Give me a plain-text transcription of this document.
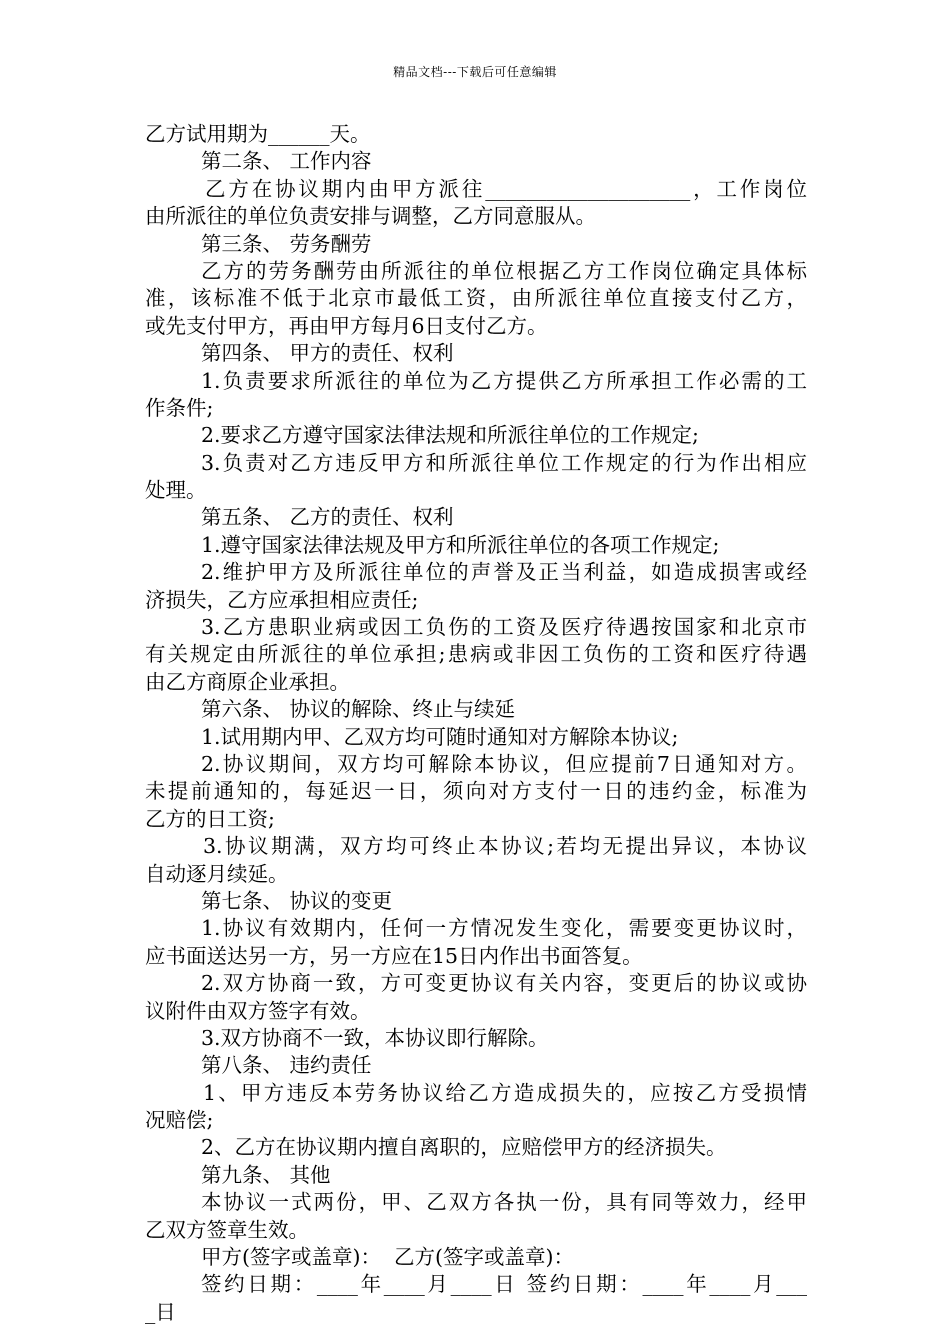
精品文档---下载后可任意编辑
乙方试用期为______天。
第二条、 工作内容
乙方在协议期内由甲方派往____________________，工作岗位
由所派往的单位负责安排与调整，乙方同意服从。
第三条、 劳务酬劳
乙方的劳务酬劳由所派往的单位根据乙方工作岗位确定具体标
准，该标准不低于北京市最低工资，由所派往单位直接支付乙方，
或先支付甲方，再由甲方每月6日支付乙方。
第四条、 甲方的责任、权利
1.负责要求所派往的单位为乙方提供乙方所承担工作必需的工
作条件;
2.要求乙方遵守国家法律法规和所派往单位的工作规定;
3.负责对乙方违反甲方和所派往单位工作规定的行为作出相应
处理。
第五条、 乙方的责任、权利
1.遵守国家法律法规及甲方和所派往单位的各项工作规定;
2.维护甲方及所派往单位的声誉及正当利益，如造成损害或经
济损失，乙方应承担相应责任;
3.乙方患职业病或因工负伤的工资及医疗待遇按国家和北京市
有关规定由所派往的单位承担;患病或非因工负伤的工资和医疗待遇
由乙方商原企业承担。
第六条、 协议的解除、终止与续延
1.试用期内甲、乙双方均可随时通知对方解除本协议;
2.协议期间，双方均可解除本协议，但应提前7日通知对方。
未提前通知的，每延迟一日，须向对方支付一日的违约金，标准为
乙方的日工资;
3.协议期满，双方均可终止本协议;若均无提出异议，本协议
自动逐月续延。
第七条、 协议的变更
1.协议有效期内，任何一方情况发生变化，需要变更协议时，
应书面送达另一方，另一方应在15日内作出书面答复。
2.双方协商一致，方可变更协议有关内容，变更后的协议或协
议附件由双方签字有效。
3.双方协商不一致，本协议即行解除。
第八条、 违约责任
1、甲方违反本劳务协议给乙方造成损失的，应按乙方受损情
况赔偿;
2、乙方在协议期内擅自离职的，应赔偿甲方的经济损失。
第九条、 其他
本协议一式两份，甲、乙双方各执一份，具有同等效力，经甲
乙双方签章生效。
甲方(签字或盖章)：  乙方(签字或盖章)：
签约日期：____年____月____日 签约日期：____年____月___
_日
